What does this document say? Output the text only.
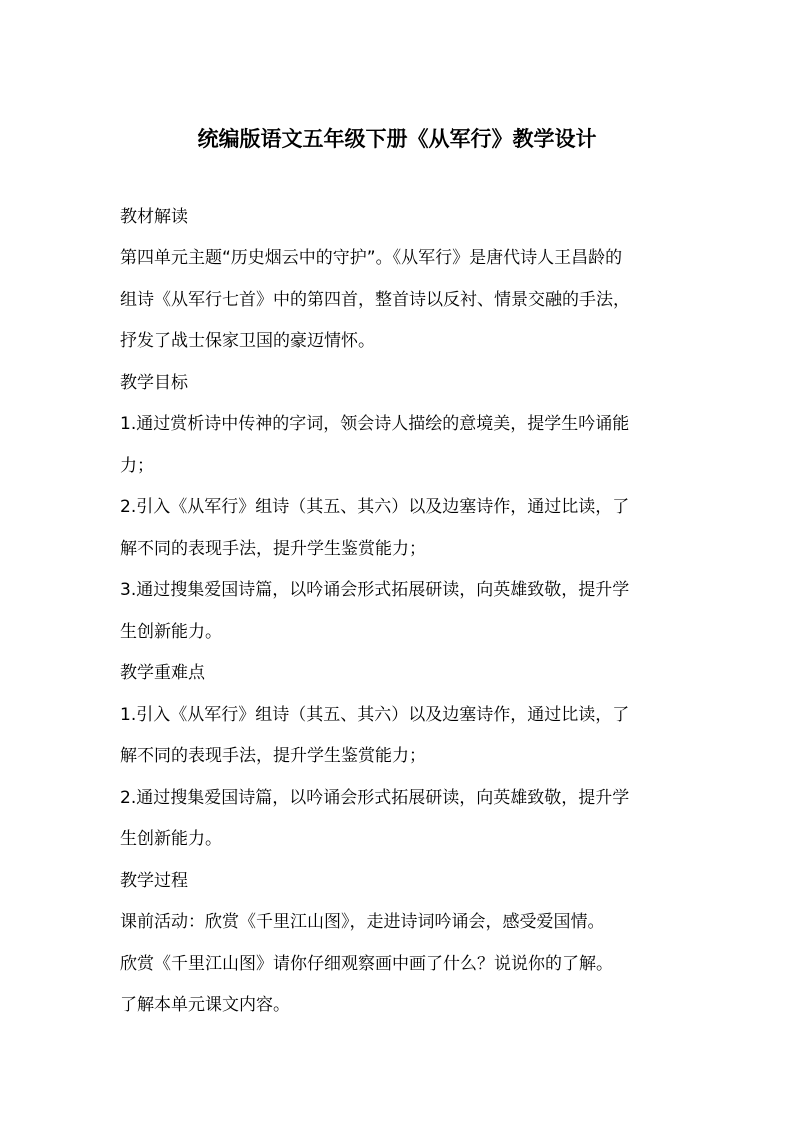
统编版语文五年级下册《从军行》教学设计
教材解读
第四单元主题“历史烟云中的守护”。《从军行》是唐代诗人王昌龄的
组诗《从军行七首》中的第四首，整首诗以反衬、情景交融的手法，
抒发了战士保家卫国的豪迈情怀。
教学目标
1.通过赏析诗中传神的字词，领会诗人描绘的意境美，提学生吟诵能
力；
2.引入《从军行》组诗（其五、其六）以及边塞诗作，通过比读，了
解不同的表现手法，提升学生鉴赏能力；
3.通过搜集爱国诗篇，以吟诵会形式拓展研读，向英雄致敬，提升学
生创新能力。
教学重难点
1.引入《从军行》组诗（其五、其六）以及边塞诗作，通过比读，了
解不同的表现手法，提升学生鉴赏能力；
2.通过搜集爱国诗篇，以吟诵会形式拓展研读，向英雄致敬，提升学
生创新能力。
教学过程
课前活动：欣赏《千里江山图》，走进诗词吟诵会，感受爱国情。
欣赏《千里江山图》请你仔细观察画中画了什么？说说你的了解。
了解本单元课文内容。
